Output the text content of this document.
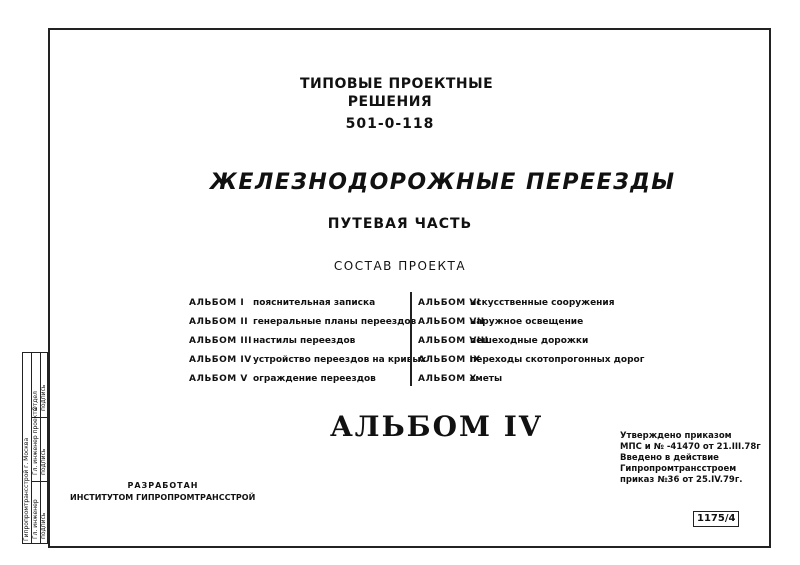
ТИПОВЫЕ ПРОЕКТНЫЕ
РЕШЕНИЯ
501-0-118
ЖЕЛЕЗНОДОРОЖНЫЕ ПЕРЕЕЗДЫ
ПУТЕВАЯ ЧАСТЬ
СОСТАВ ПРОЕКТА
АЛЬБОМ I пояснительная записка
АЛЬБОМ II генеральные планы переездов
АЛЬБОМ IIIнастилы переездов
АЛЬБОМ IVустройство переездов на кривых
АЛЬБОМ V ограждение переездов
АЛЬБОМ VIискусственные сооружения
АЛЬБОМ VIIнаружное освещение
АЛЬБОМ VIIIпешеходные дорожки
АЛЬБОМ IXпереходы скотопрогонных дорог
АЛЬБОМ Xсметы
АЛЬБОМ IV	Утверждено приказом
МПС и № -41470 от 21.III.78г
Введено в действие
Гипропромтрансстроем
приказ №36 от 25.IV.79г.
РАЗРАБОТАН
ИНСТИТУТОМ ГИПРОПРОМТРАНССТРОЙ
1175/4
Гипропромтрансстрой г. Москва Гл. инженер
Гл. инженер проекта
Отдел
подпись
подпись
подпись
